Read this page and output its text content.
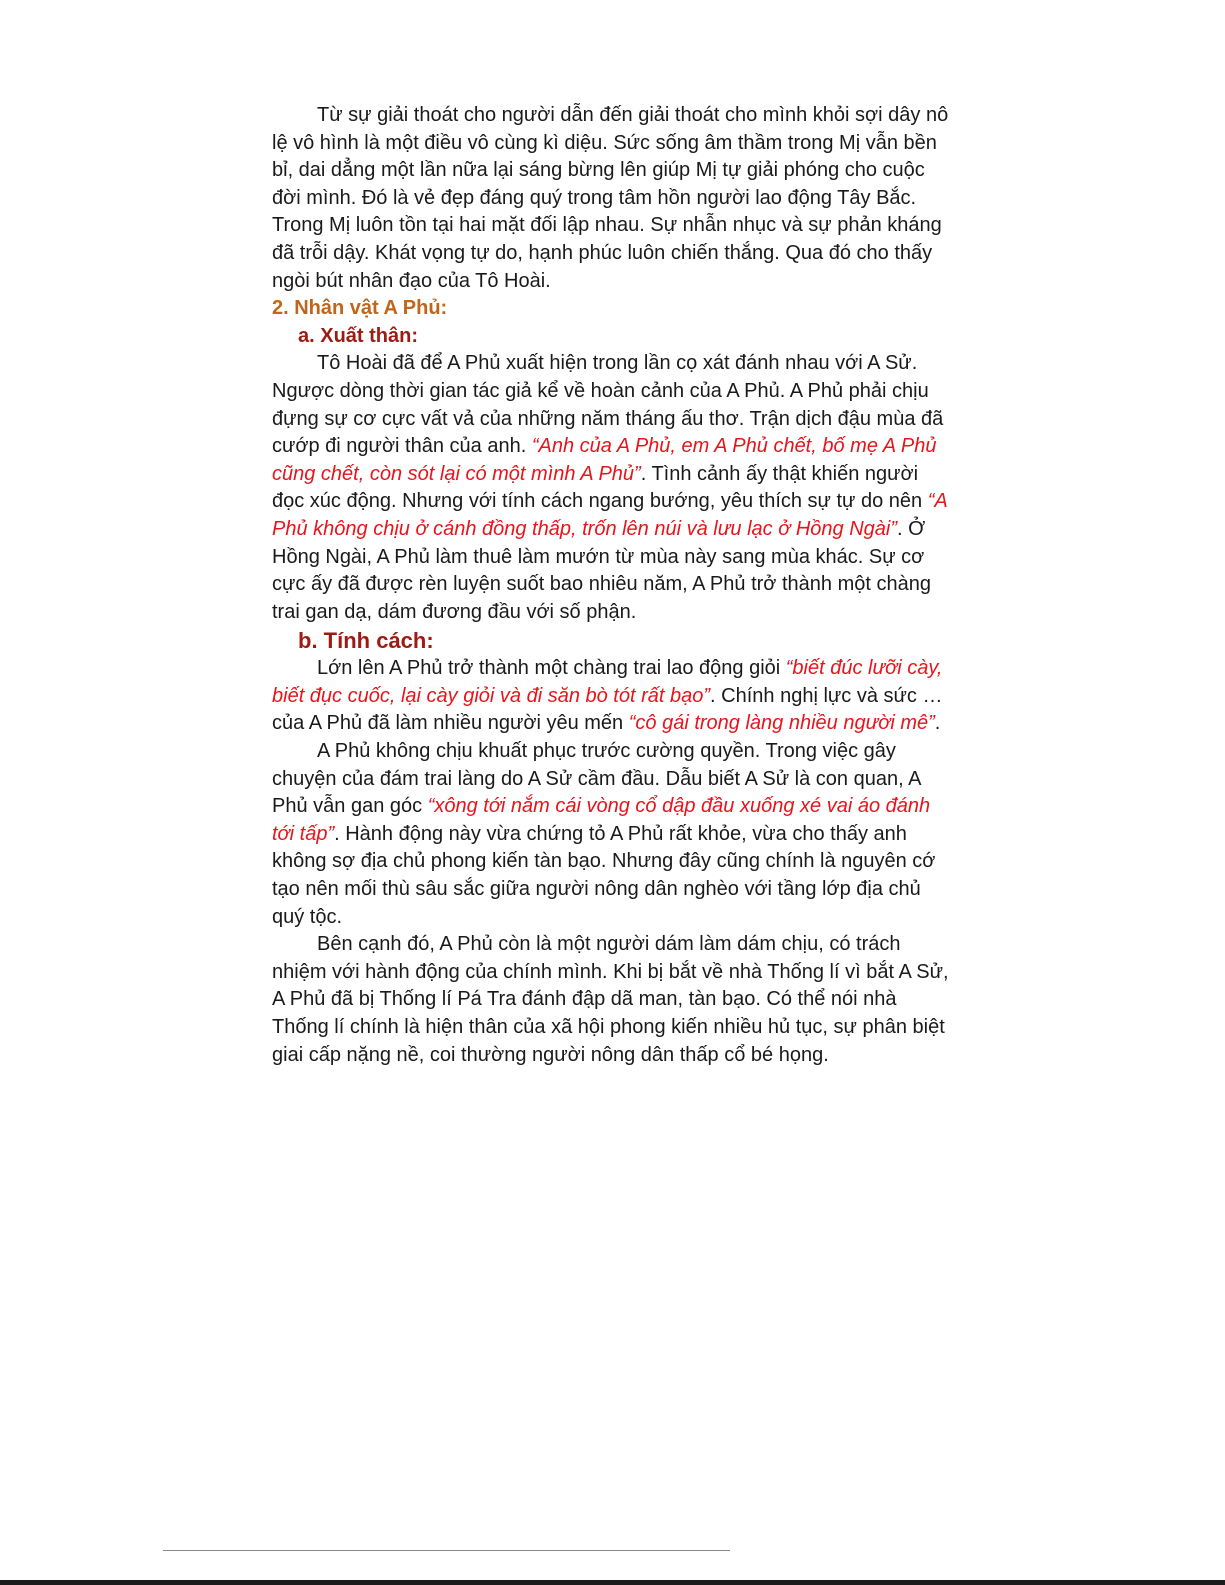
Từ sự giải thoát cho người dẫn đến giải thoát cho mình khỏi sợi dây nô lệ vô hình là một điều vô cùng kì diệu. Sức sống âm thầm trong Mị vẫn bền bỉ, dai dẳng một lần nữa lại sáng bừng lên giúp Mị tự giải phóng cho cuộc đời mình. Đó là vẻ đẹp đáng quý trong tâm hồn người lao động Tây Bắc. Trong Mị luôn tồn tại hai mặt đối lập nhau. Sự nhẫn nhục và sự phản kháng đã trỗi dậy. Khát vọng tự do, hạnh phúc luôn chiến thắng. Qua đó cho thấy ngòi bút nhân đạo của Tô Hoài.

2. Nhân vật A Phủ:

a. Xuất thân:

Tô Hoài đã để A Phủ xuất hiện trong lần cọ xát đánh nhau với A Sử. Ngược dòng thời gian tác giả kể về hoàn cảnh của A Phủ. A Phủ phải chịu đựng sự cơ cực vất vả của những năm tháng ấu thơ. Trận dịch đậu mùa đã cướp đi người thân của anh. “Anh của A Phủ, em A Phủ chết, bố mẹ A Phủ cũng chết, còn sót lại có một mình A Phủ”. Tình cảnh ấy thật khiến người đọc xúc động. Nhưng với tính cách ngang bướng, yêu thích sự tự do nên “A Phủ không chịu ở cánh đồng thấp, trốn lên núi và lưu lạc ở Hồng Ngài”. Ở Hồng Ngài, A Phủ làm thuê làm mướn từ mùa này sang mùa khác. Sự cơ cực ấy đã được rèn luyện suốt bao nhiêu năm, A Phủ trở thành một chàng trai gan dạ, dám đương đầu với số phận.

b. Tính cách:

Lớn lên A Phủ trở thành một chàng trai lao động giỏi “biết đúc lưỡi cày, biết đục cuốc, lại cày giỏi và đi săn bò tót rất bạo”. Chính nghị lực và sức … của A Phủ đã làm nhiều người yêu mến “cô gái trong làng nhiều người mê”.

A Phủ không chịu khuất phục trước cường quyền. Trong việc gây chuyện của đám trai làng do A Sử cầm đầu. Dẫu biết A Sử là con quan, A Phủ vẫn gan góc “xông tới nắm cái vòng cổ dập đầu xuống xé vai áo đánh tới tấp”. Hành động này vừa chứng tỏ A Phủ rất khỏe, vừa cho thấy anh không sợ địa chủ phong kiến tàn bạo. Nhưng đây cũng chính là nguyên cớ tạo nên mối thù sâu sắc giữa người nông dân nghèo với tầng lớp địa chủ quý tộc.

Bên cạnh đó, A Phủ còn là một người dám làm dám chịu, có trách nhiệm với hành động của chính mình. Khi bị bắt về nhà Thống lí vì bắt A Sử, A Phủ đã bị Thống lí Pá Tra đánh đập dã man, tàn bạo. Có thể nói nhà Thống lí chính là hiện thân của xã hội phong kiến nhiều hủ tục, sự phân biệt giai cấp nặng nề, coi thường người nông dân thấp cổ bé họng.
